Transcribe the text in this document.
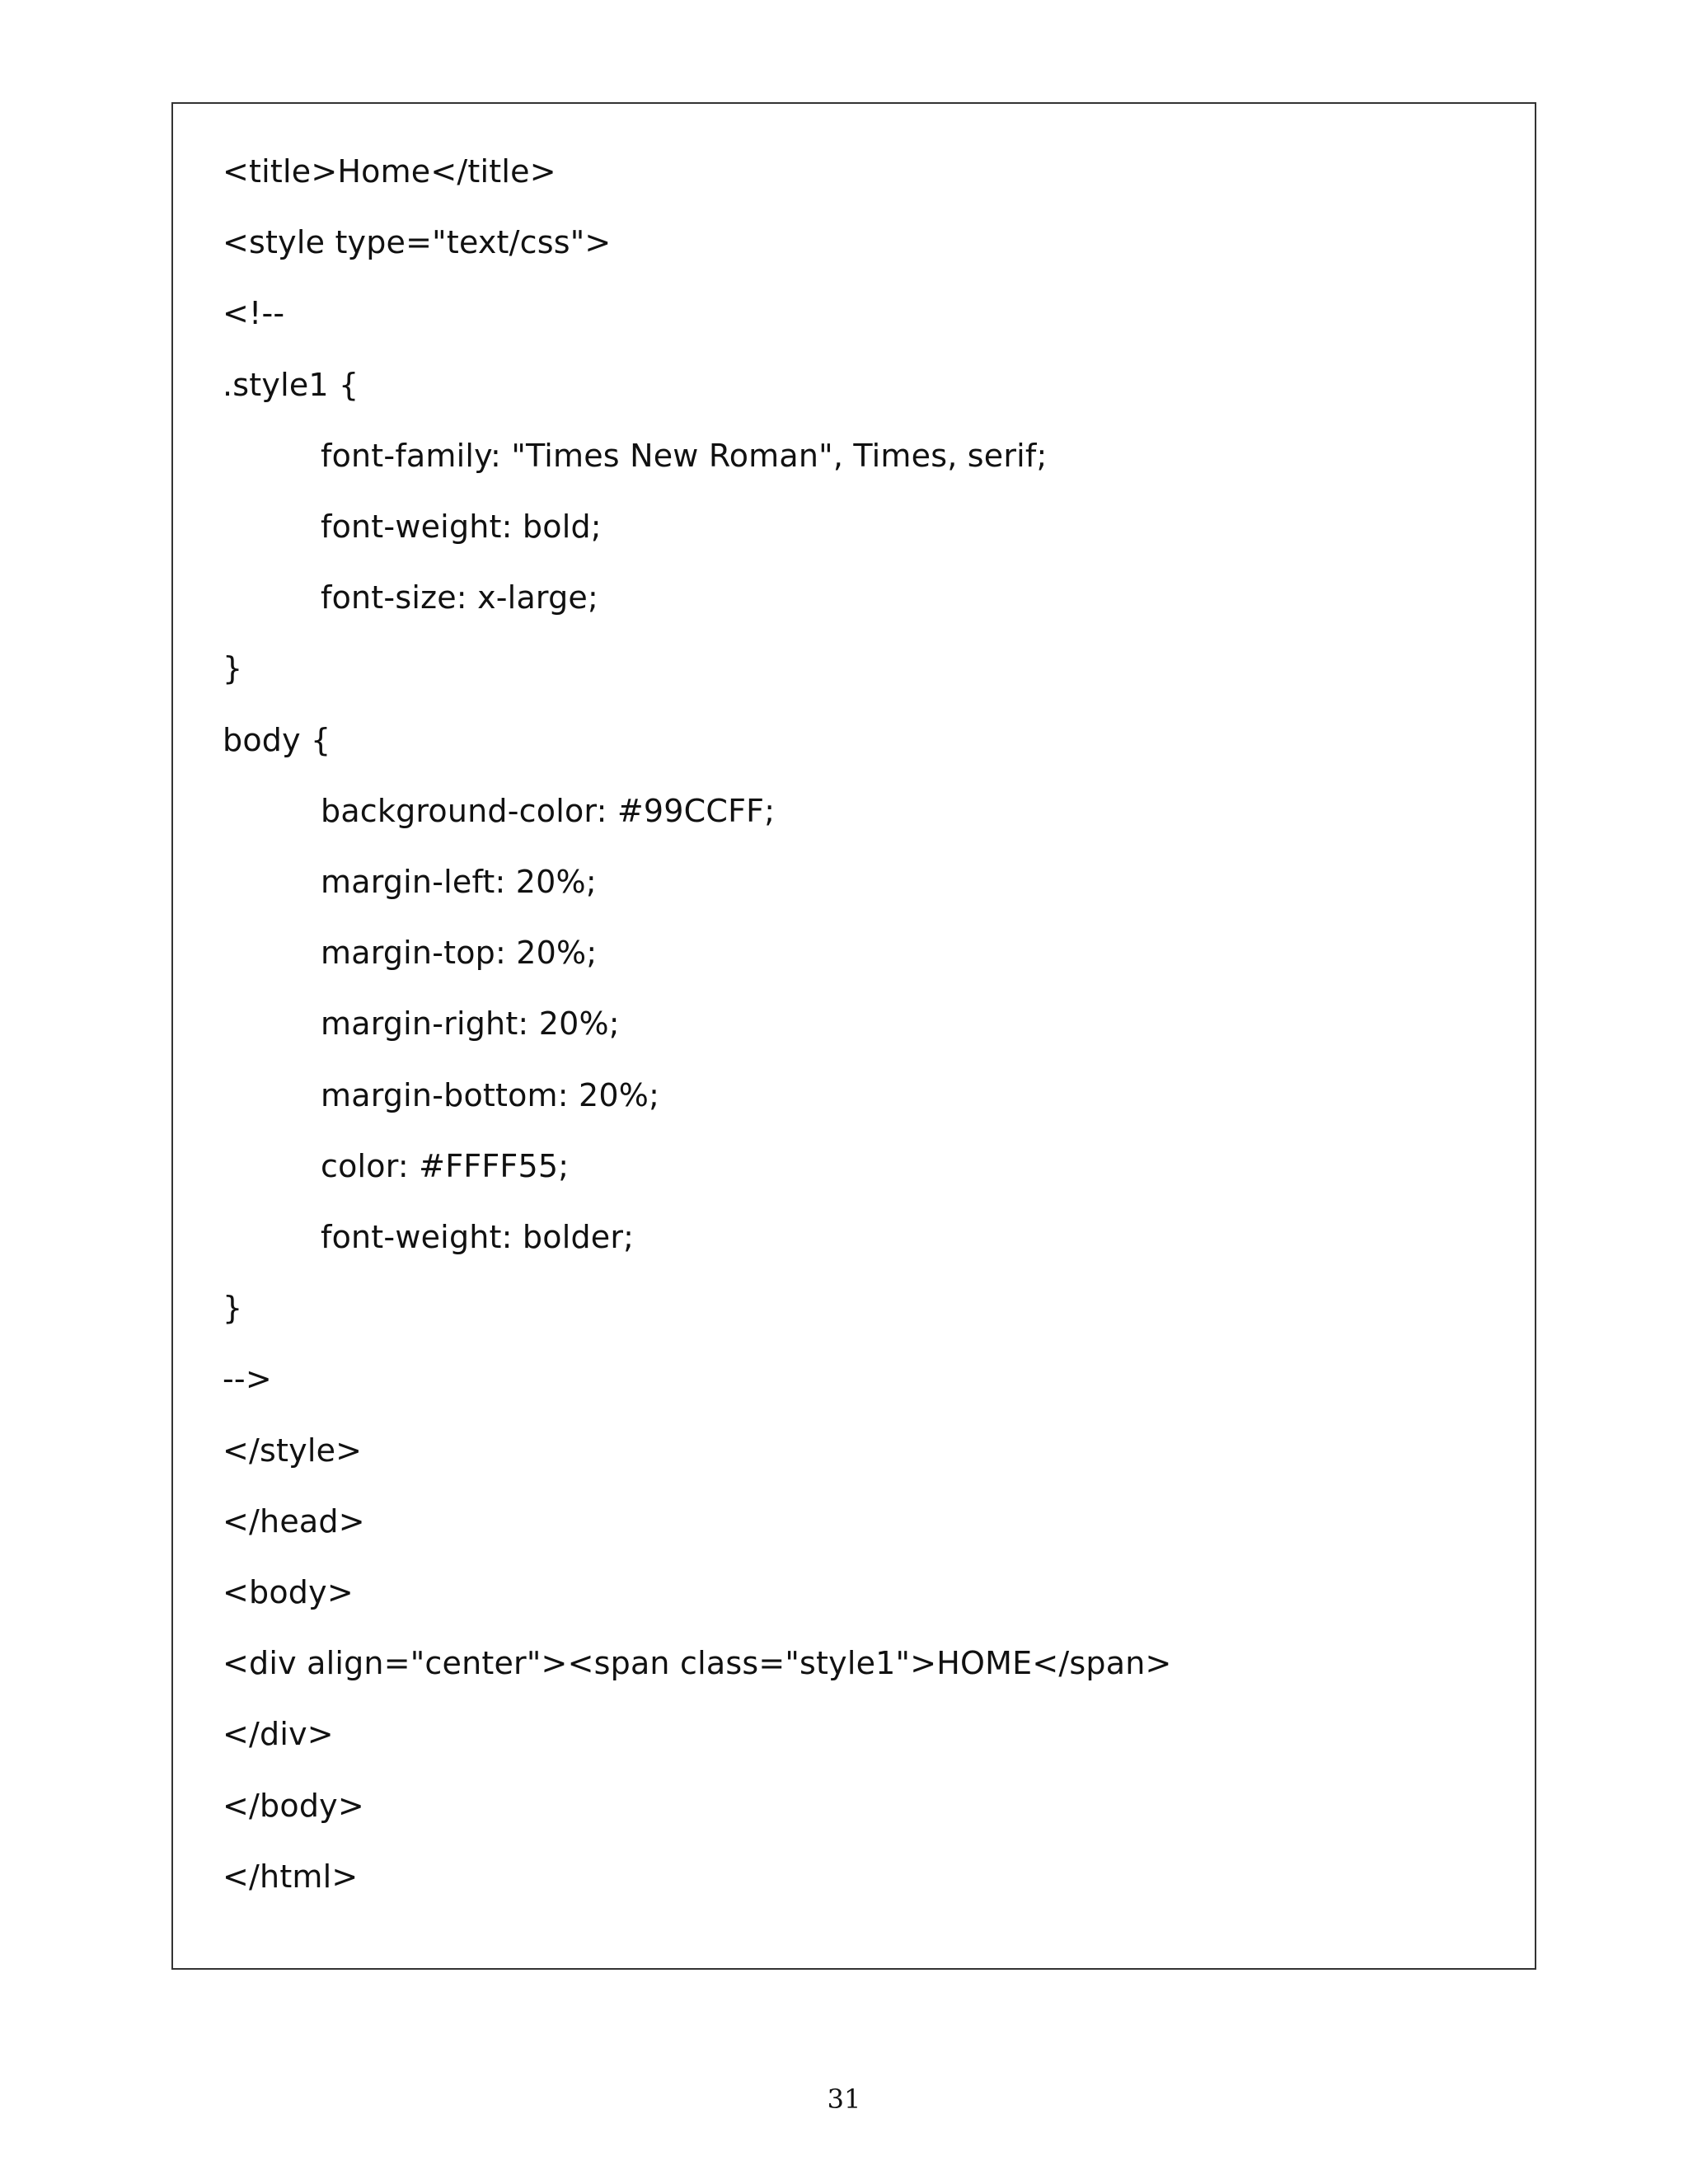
<title>Home</title>
<style type="text/css">
<!--
.style1 {
font-family: "Times New Roman", Times, serif;
font-weight: bold;
font-size: x-large;
}
body {
background-color: #99CCFF;
margin-left: 20%;
margin-top: 20%;
margin-right: 20%;
margin-bottom: 20%;
color: #FFFF55;
font-weight: bolder;
}
-->
</style>
</head>
<body>
<div align="center"><span class="style1">HOME</span>
</div>
</body>
</html>
31
